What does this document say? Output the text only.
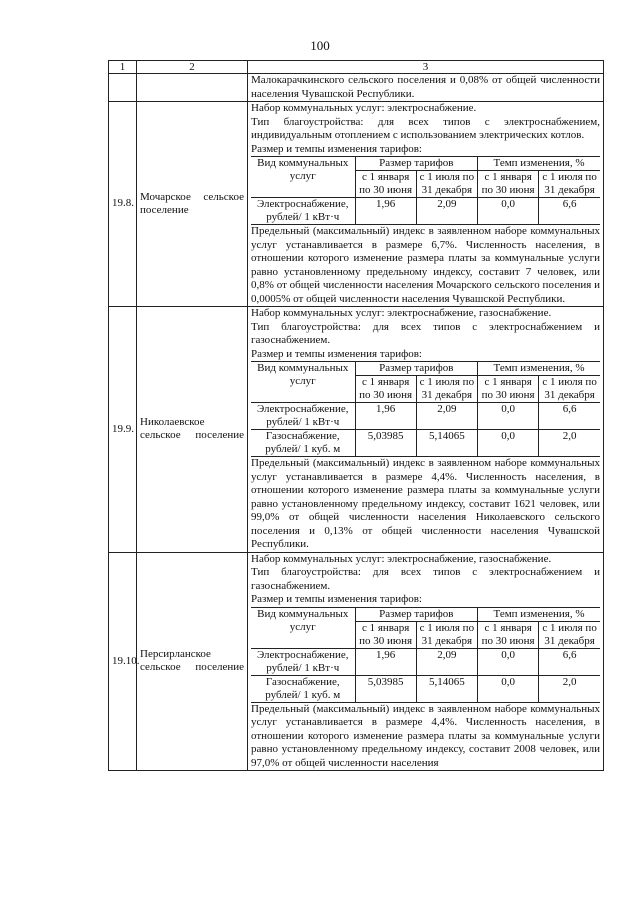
100
1	2	3
		Малокарачкинского сельского поселения и 0,08% от общей численности населения Чувашской Республики.
19.8.	Мочарское сельское поселение	
Набор коммунальных услуг: электроснабжение.
Тип благоустройства: для всех типов с электроснабжением, индивидуальным отоплением с использованием электрических котлов.
Размер и темпы изменения тарифов:
Вид коммунальных услуг	Размер тарифов	Темп изменения, %
с 1 января по 30 июня	с 1 июля по 31 декабря	с 1 января по 30 июня	с 1 июля по 31 декабря
Электроснабжение, рублей/ 1 кВт·ч	1,96	2,09	0,0	6,6
Предельный (максимальный) индекс в заявленном наборе коммунальных услуг устанавливается в размере 6,7%. Численность населения, в отношении которого изменение размера платы за коммунальные услуги равно установленному предельному индексу, составит 7 человек, или 0,8% от общей численности населения Мочарского сельского поселения и 0,0005% от общей численности населения Чувашской Республики.

19.9.	Николаевское сельское поселение	
Набор коммунальных услуг: электроснабжение, газоснабжение.
Тип благоустройства: для всех типов с электроснабжением и газоснабжением.
Размер и темпы изменения тарифов:
Вид коммунальных услуг	Размер тарифов	Темп изменения, %
с 1 января по 30 июня	с 1 июля по 31 декабря	с 1 января по 30 июня	с 1 июля по 31 декабря
Электроснабжение, рублей/ 1 кВт·ч	1,96	2,09	0,0	6,6
Газоснабжение, рублей/ 1 куб. м	5,03985	5,14065	0,0	2,0
Предельный (максимальный) индекс в заявленном наборе коммунальных услуг устанавливается в размере 4,4%. Численность населения, в отношении которого изменение размера платы за коммунальные услуги равно установленному предельному индексу, составит 1621 человек, или 99,0% от общей численности населения Николаевского сельского поселения и 0,13% от общей численности населения Чувашской Республики.

19.10.	Персирланское сельское поселение	
Набор коммунальных услуг: электроснабжение, газоснабжение.
Тип благоустройства: для всех типов с электроснабжением и газоснабжением.
Размер и темпы изменения тарифов:
Вид коммунальных услуг	Размер тарифов	Темп изменения, %
с 1 января по 30 июня	с 1 июля по 31 декабря	с 1 января по 30 июня	с 1 июля по 31 декабря
Электроснабжение, рублей/ 1 кВт·ч	1,96	2,09	0,0	6,6
Газоснабжение, рублей/ 1 куб. м	5,03985	5,14065	0,0	2,0
Предельный (максимальный) индекс в заявленном наборе коммунальных услуг устанавливается в размере 4,4%. Численность населения, в отношении которого изменение размера платы за коммунальные услуги равно установленному предельному индексу, составит 2008 человек, или 97,0% от общей численности населения
